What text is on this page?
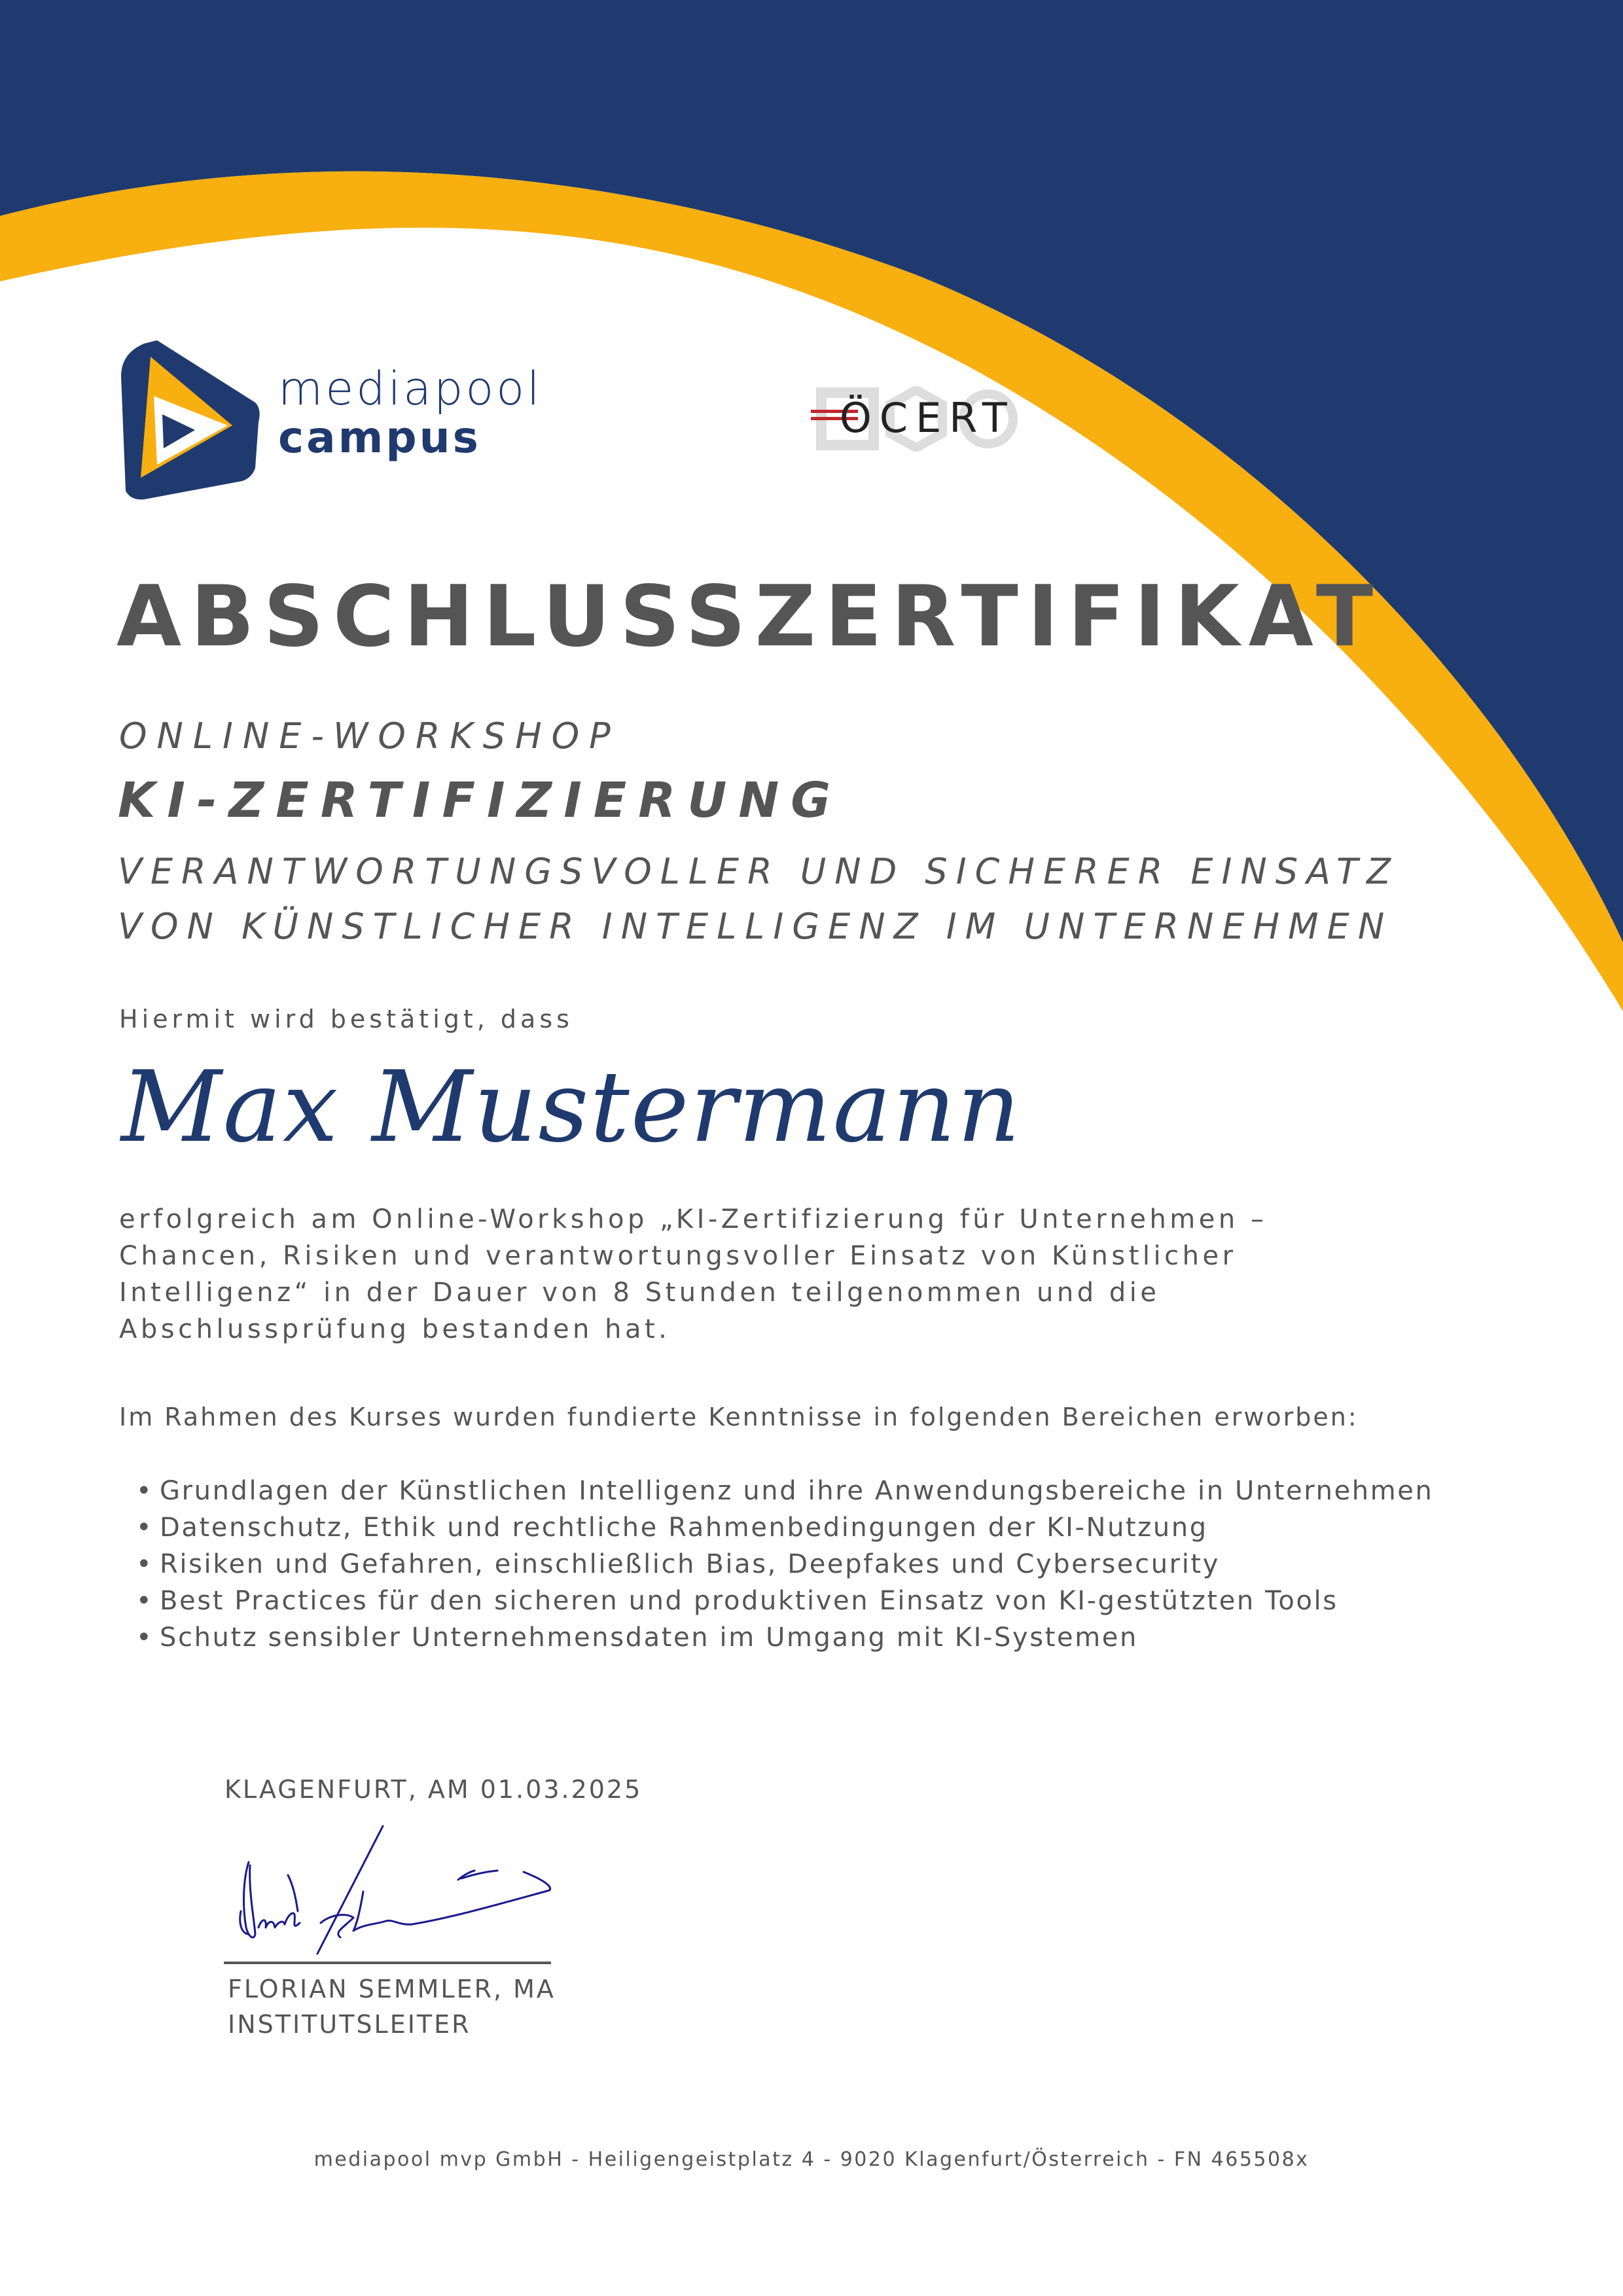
mediapool
campus	ÖCERT
ABSCHLUSSZERTIFIKAT
ONLINE-WORKSHOP
KI-ZERTIFIZIERUNG
VERANTWORTUNGSVOLLER UND SICHERER EINSATZ
VON KÜNSTLICHER INTELLIGENZ IM UNTERNEHMEN
Hiermit wird bestätigt, dass
Max Mustermann
erfolgreich am Online-Workshop „KI-Zertifizierung für Unternehmen –
Chancen, Risiken und verantwortungsvoller Einsatz von Künstlicher
Intelligenz“ in der Dauer von 8 Stunden teilgenommen und die
Abschlussprüfung bestanden hat.
Im Rahmen des Kurses wurden fundierte Kenntnisse in folgenden Bereichen erworben:
• Grundlagen der Künstlichen Intelligenz und ihre Anwendungsbereiche in Unternehmen
• Datenschutz, Ethik und rechtliche Rahmenbedingungen der KI-Nutzung
• Risiken und Gefahren, einschließlich Bias, Deepfakes und Cybersecurity
• Best Practices für den sicheren und produktiven Einsatz von KI-gestützten Tools
• Schutz sensibler Unternehmensdaten im Umgang mit KI-Systemen
KLAGENFURT, AM 01.03.2025
FLORIAN SEMMLER, MA
INSTITUTSLEITER
mediapool mvp GmbH - Heiligengeistplatz 4 - 9020 Klagenfurt/Österreich - FN 465508x
